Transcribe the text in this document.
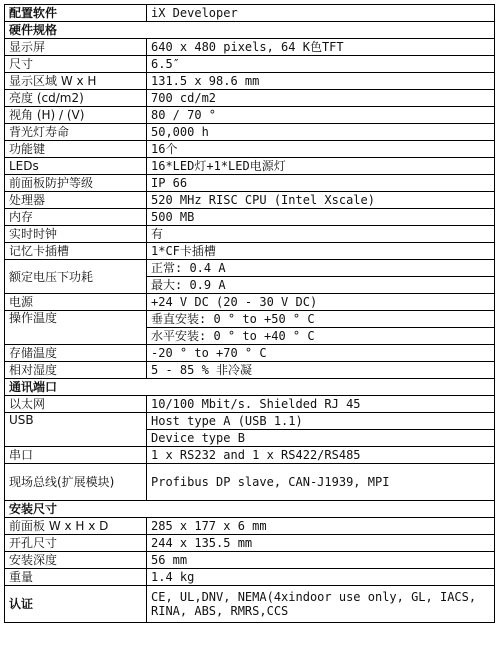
配置软件	iX Developer
硬件规格	
显示屏	640 x 480 pixels, 64 K色TFT
尺寸	6.5″
显示区域 W x H	131.5 x 98.6 mm
亮度 (cd/m2)	700 cd/m2
视角 (H) / (V)	80 / 70 °
背光灯寿命	50,000 h
功能键	16个
LEDs	16*LED灯+1*LED电源灯
前面板防护等级	IP 66
处理器	520 MHz RISC CPU (Intel Xscale)
内存	500 MB
实时时钟	有
记忆卡插槽	1*CF卡插槽
额定电压下功耗	正常: 0.4 A
	最大: 0.9 A
电源	+24 V DC (20 - 30 V DC)
操作温度	垂直安装: 0 ° to +50 ° C
	水平安装: 0 ° to +40 ° C
存储温度	-20 ° to +70 ° C
相对湿度	5 - 85 % 非冷凝
通讯端口	
以太网	10/100 Mbit/s. Shielded RJ 45
USB	Host type A (USB 1.1)
	Device type B
串口	1 x RS232 and 1 x RS422/RS485
现场总线(扩展模块)	Profibus DP slave, CAN-J1939, MPI
安装尺寸	
前面板 W x H x D	285 x 177 x 6 mm
开孔尺寸	244 x 135.5 mm
安装深度	56 mm
重量	1.4 kg
认证	CE, UL,DNV, NEMA(4xindoor use only, GL, IACS, RINA, ABS, RMRS,CCS
